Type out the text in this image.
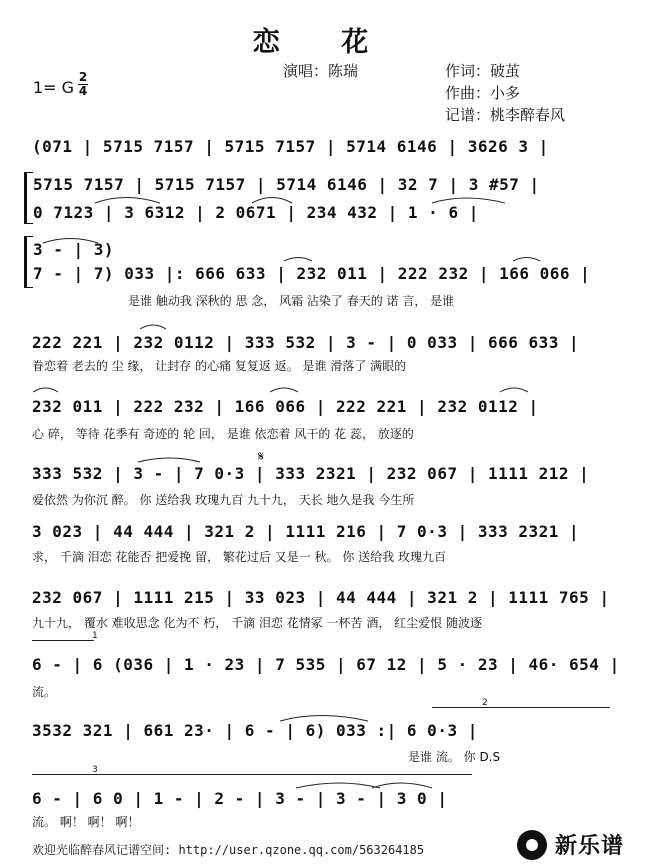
恋 花
演唱：陈瑞	作词：破茧
作曲：小多
记谱：桃李醉春风
1= G
2
4
(071 | 5715 7157 | 5715 7157 | 5714 6146 | 3626 3 |
5715 7157 | 5715 7157 | 5714 6146 | 32 7 | 3 #57 |
0 7123 | 3 6312 | 2 0671 | 234 432 | 1 · 6 |
3 - | 3)
7 - | 7) 033 |: 666 633 | 232 011 | 222 232 | 166 066 |
是谁 触动我 深秋的 思 念， 风霜 沾染了 春天的 诺 言， 是谁
222 221 | 232 0112 | 333 532 | 3 - | 0 033 | 666 633 |
眷恋着 老去的 尘 缘， 让封存 的心痛 复复返 返。 是谁 滑落了 满眼的
232 011 | 222 232 | 166 066 | 222 221 | 232 0112 |
心 碎， 等待 花季有 奇迹的 轮 回， 是谁 依恋着 风干的 花 蕊， 放逐的
333 532 | 3 - | 7 0·3 | 333 2321 | 232 067 | 1111 212 |
𝄋
爱依然 为你沉 醉。 你 送给我 玫瑰九百 九十九， 天长 地久是我 今生所
3 023 | 44 444 | 321 2 | 1111 216 | 7 0·3 | 333 2321 |
求， 千滴 泪恋 花能否 把爱挽 留， 繁花过后 又是一 秋。 你 送给我 玫瑰九百
232 067 | 1111 215 | 33 023 | 44 444 | 321 2 | 1111 765 |
九十九， 覆水 难收思念 化为不 朽， 千滴 泪恋 花情冢 一杯苦 酒， 红尘爱恨 随波逐
1
6 - | 6 (036 | 1 · 23 | 7 535 | 67 12 | 5 · 23 | 46· 654 |
流。
2
3532 321 | 661 23· | 6 - | 6) 033 :| 6 0·3 |
是谁 流。 你 D.S
3
6 - | 6 0 | 1 - | 2 - | 3 - | 3 - | 3 0 |
流。 啊！ 啊！ 啊！
欢迎光临醉春风记谱空间: http://user.qzone.qq.com/563264185	新乐谱
